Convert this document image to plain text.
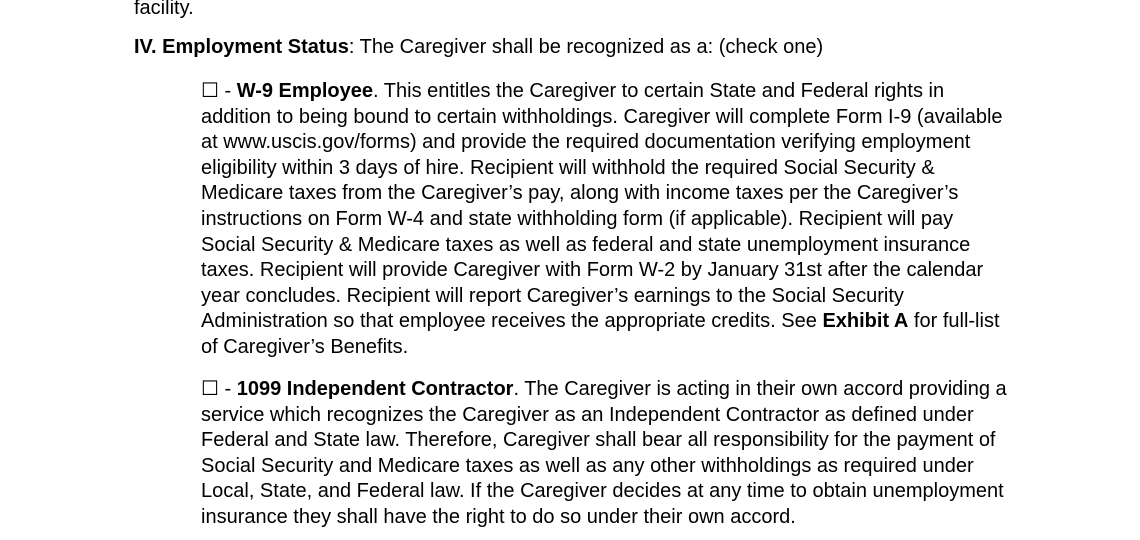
facility.
IV. Employment Status: The Caregiver shall be recognized as a: (check one)
☐ - W-9 Employee. This entitles the Caregiver to certain State and Federal rights in addition to being bound to certain withholdings. Caregiver will complete Form I-9 (available at www.uscis.gov/forms) and provide the required documentation verifying employment eligibility within 3 days of hire. Recipient will withhold the required Social Security & Medicare taxes from the Caregiver’s pay, along with income taxes per the Caregiver’s instructions on Form W-4 and state withholding form (if applicable). Recipient will pay Social Security & Medicare taxes as well as federal and state unemployment insurance taxes. Recipient will provide Caregiver with Form W-2 by January 31st after the calendar year concludes. Recipient will report Caregiver’s earnings to the Social Security Administration so that employee receives the appropriate credits. See Exhibit A for full-list of Caregiver’s Benefits.
☐ - 1099 Independent Contractor. The Caregiver is acting in their own accord providing a service which recognizes the Caregiver as an Independent Contractor as defined under Federal and State law. Therefore, Caregiver shall bear all responsibility for the payment of Social Security and Medicare taxes as well as any other withholdings as required under Local, State, and Federal law. If the Caregiver decides at any time to obtain unemployment insurance they shall have the right to do so under their own accord.
